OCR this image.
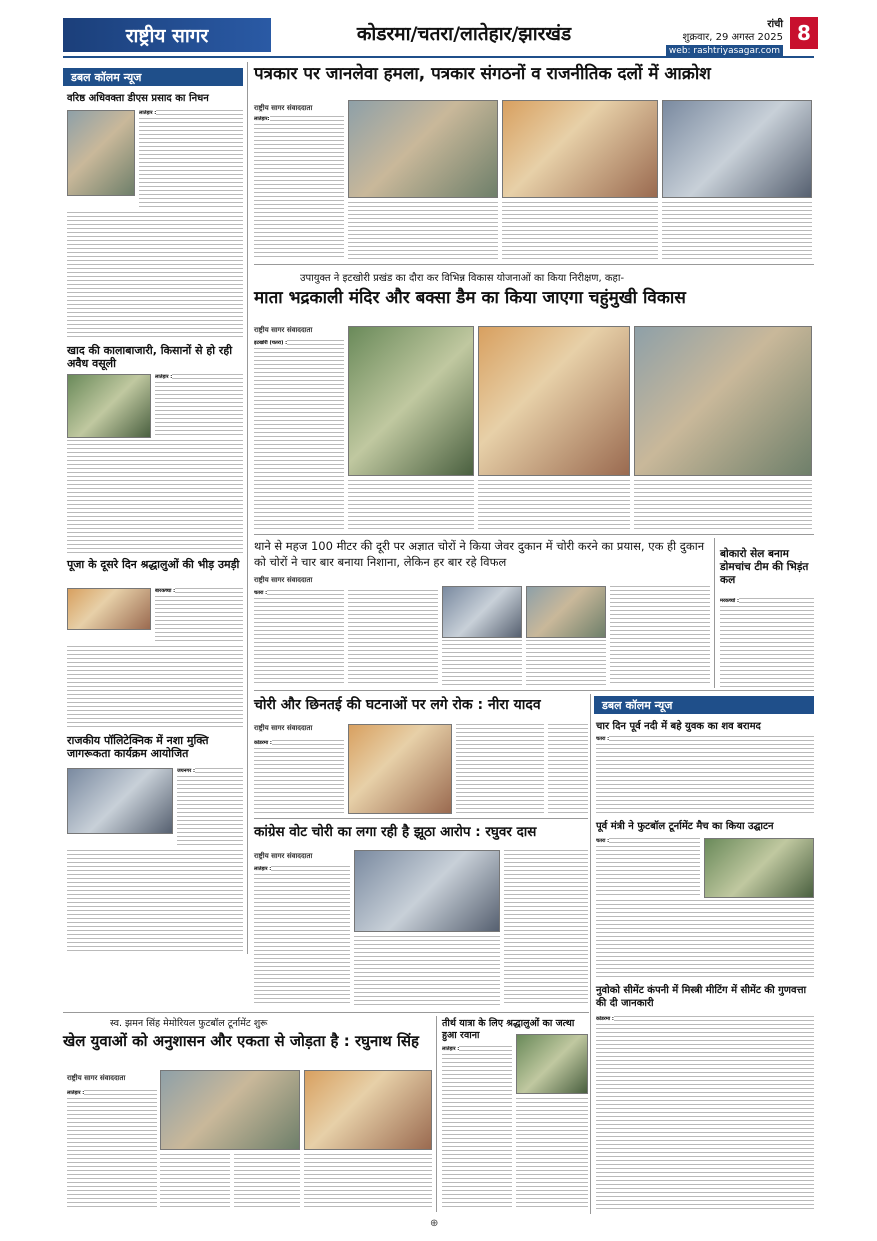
राष्ट्रीय सागर	कोडरमा/चतरा/लातेहार/झारखंड	रांची
शुक्रवार, 29 अगस्त 2025
web: rashtriyasagar.com
8
डबल कॉलम न्यूज
वरिष्ठ अधिवक्ता डीएस प्रसाद का निधन
लातेहार :
खाद की कालाबाजारी, किसानों से हो रही अवैध वसूली
लातेहार :
पूजा के दूसरे दिन श्रद्धालुओं की भीड़ उमड़ी
बारकच्चा :
राजकीय पॉलिटेक्निक में नशा मुक्ति जागरूकता कार्यक्रम आयोजित
जयनगर :
पत्रकार पर जानलेवा हमला, पत्रकार संगठनों व राजनीतिक दलों में आक्रोश
राष्ट्रीय सागर संवाददाता
लातेहार:
उपायुक्त ने इटखोरी प्रखंड का दौरा कर विभिन्न विकास योजनाओं का किया निरीक्षण, कहा-
माता भद्रकाली मंदिर और बक्सा डैम का किया जाएगा चहुंमुखी विकास
राष्ट्रीय सागर संवाददाता
इटखोरी (चतरा) :
थाने से महज 100 मीटर की दूरी पर अज्ञात चोरों ने किया जेवर दुकान में चोरी करने का प्रयास, एक ही दुकान को चोरों ने चार बार बनाया निशाना, लेकिन हर बार रहे विफल
राष्ट्रीय सागर संवाददाता
चतरा :
बोकारो सेल बनाम डोमचांच टीम की भिड़ंत कल
मरकच्चो :
चोरी और छिनतई की घटनाओं पर लगे रोक : नीरा यादव
राष्ट्रीय सागर संवाददाता
कोडरमा :
डबल कॉलम न्यूज
चार दिन पूर्व नदी में बहे युवक का शव बरामद
चतरा :
पूर्व मंत्री ने फुटबॉल टूर्नामेंट मैच का किया उद्घाटन
चतरा :
नुवोको सीमेंट कंपनी में मिस्त्री मीटिंग में सीमेंट की गुणवत्ता की दी जानकारी
कोडरमा :
कांग्रेस वोट चोरी का लगा रही है झूठा आरोप : रघुवर दास
राष्ट्रीय सागर संवाददाता
लातेहार :
स्व. झमन सिंह मेमोरियल फुटबॉल टूर्नामेंट शुरू
खेल युवाओं को अनुशासन और एकता से जोड़ता है : रघुनाथ सिंह
राष्ट्रीय सागर संवाददाता
लातेहार :
तीर्थ यात्रा के लिए श्रद्धालुओं का जत्था हुआ रवाना
लातेहार :
⊕
